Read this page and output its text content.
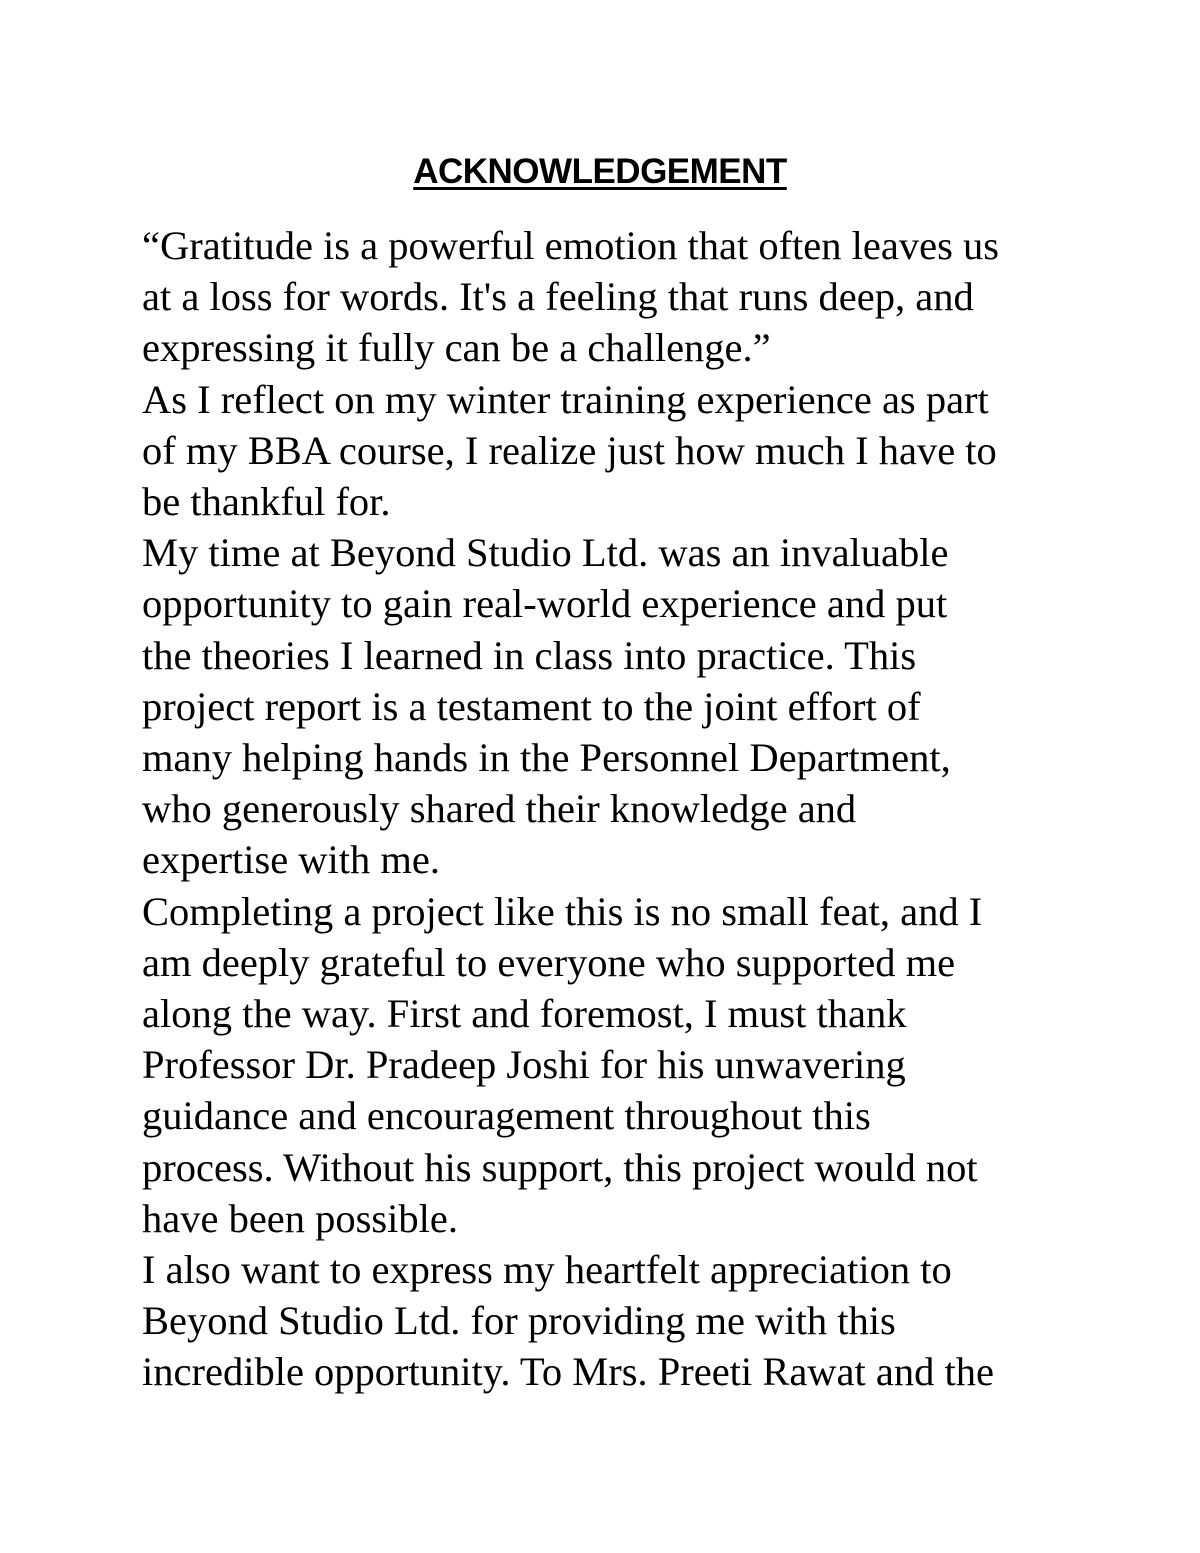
ACKNOWLEDGEMENT

“Gratitude is a powerful emotion that often leaves us
at a loss for words. It's a feeling that runs deep, and
expressing it fully can be a challenge.”

As I reflect on my winter training experience as part
of my BBA course, I realize just how much I have to
be thankful for.

My time at Beyond Studio Ltd. was an invaluable
opportunity to gain real-world experience and put
the theories I learned in class into practice. This
project report is a testament to the joint effort of
many helping hands in the Personnel Department,
who generously shared their knowledge and
expertise with me.

Completing a project like this is no small feat, and I
am deeply grateful to everyone who supported me
along the way. First and foremost, I must thank
Professor Dr. Pradeep Joshi for his unwavering
guidance and encouragement throughout this
process. Without his support, this project would not
have been possible.

I also want to express my heartfelt appreciation to
Beyond Studio Ltd. for providing me with this
incredible opportunity. To Mrs. Preeti Rawat and the
